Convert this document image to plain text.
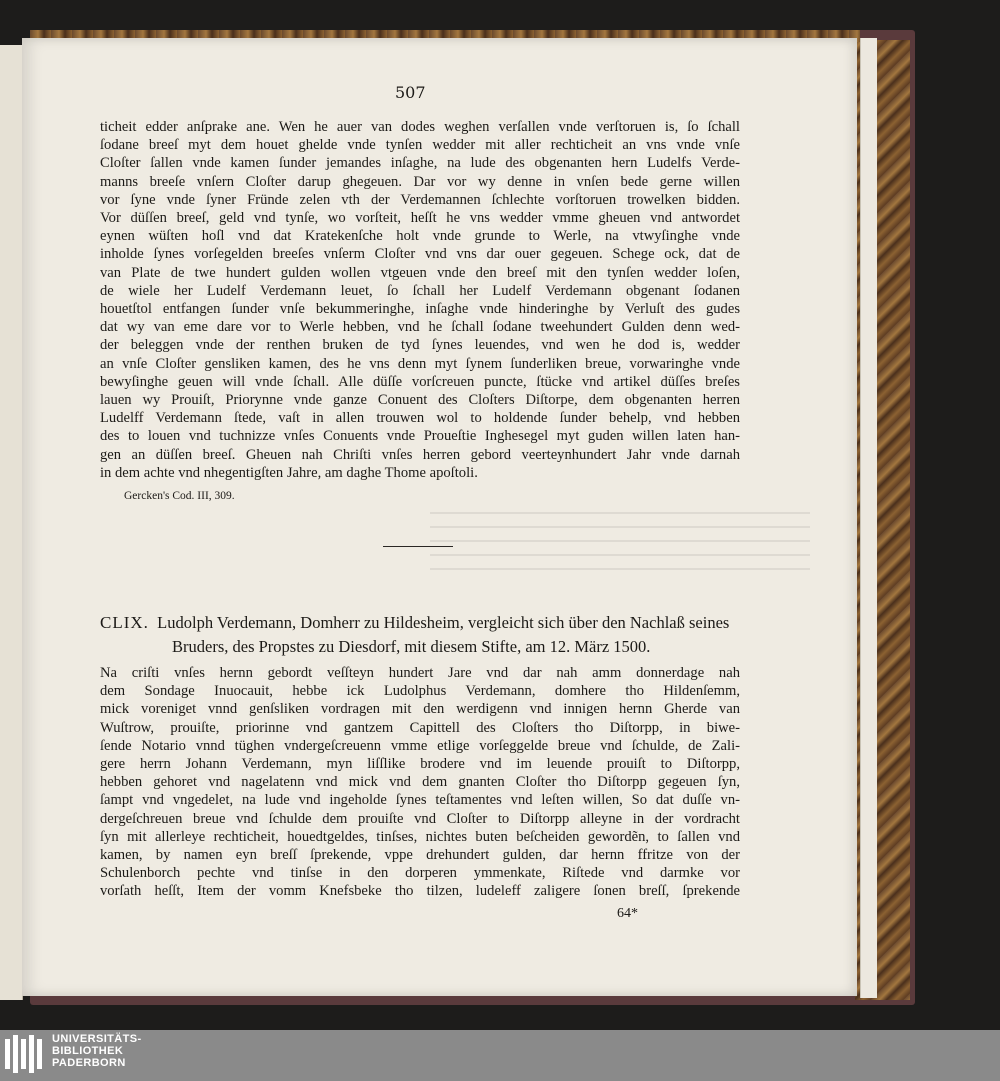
507
ticheit edder anſprake ane. Wen he auer van dodes weghen verſallen vnde verſtoruen is, ſo ſchall
ſodane breeſ myt dem houet ghelde vnde tynſen wedder mit aller rechticheit an vns vnde vnſe
Cloſter ſallen vnde kamen ſunder jemandes inſaghe, na lude des obgenanten hern Ludelfs Verde-
manns breeſe vnſern Cloſter darup ghegeuen. Dar vor wy denne in vnſen bede gerne willen
vor ſyne vnde ſyner Fründe zelen vth der Verdemannen ſchlechte vorſtoruen trowelken bidden.
Vor düſſen breeſ, geld vnd tynſe, wo vorſteit, heſſt he vns wedder vmme gheuen vnd antwordet
eynen wüſten hoſl vnd dat Kratekenſche holt vnde grunde to Werle, na vtwyſinghe vnde
inholde ſynes vorſegelden breeſes vnſerm Cloſter vnd vns dar ouer gegeuen. Schege ock, dat de
van Plate de twe hundert gulden wollen vtgeuen vnde den breeſ mit den tynſen wedder loſen,
de wiele her Ludelf Verdemann leuet, ſo ſchall her Ludelf Verdemann obgenant ſodanen
houetſtol entfangen ſunder vnſe bekummeringhe, inſaghe vnde hinderinghe by Verluſt des gudes
dat wy van eme dare vor to Werle hebben, vnd he ſchall ſodane tweehundert Gulden denn wed-
der beleggen vnde der renthen bruken de tyd ſynes leuendes, vnd wen he dod is, wedder
an vnſe Cloſter gensliken kamen, des he vns denn myt ſynem ſunderliken breue, vorwaringhe vnde
bewyſinghe geuen will vnde ſchall. Alle düſſe vorſcreuen puncte, ſtücke vnd artikel düſſes breſes
lauen wy Prouiſt, Priorynne vnde ganze Conuent des Cloſters Diſtorpe, dem obgenanten herren
Ludelff Verdemann ſtede, vaſt in allen trouwen wol to holdende ſunder behelp, vnd hebben
des to louen vnd tuchnizze vnſes Conuents vnde Proueſtie Inghesegel myt guden willen laten han-
gen an düſſen breeſ. Gheuen nah Chriſti vnſes herren gebord veerteynhundert Jahr vnde darnah
in dem achte vnd nhegentigſten Jahre, am daghe Thome apoſtoli.
Gercken's Cod. III, 309.
CLIX. Ludolph Verdemann, Domherr zu Hildesheim, vergleicht sich über den Nachlaß seines
Bruders, des Propstes zu Diesdorf, mit diesem Stifte, am 12. März 1500.
Na criſti vnſes hernn gebordt veſſteyn hundert Jare vnd dar nah amm donnerdage nah
dem Sondage Inuocauit, hebbe ick Ludolphus Verdemann, domhere tho Hildenſemm,
mick voreniget vnnd genſsliken vordragen mit den werdigenn vnd innigen hernn Gherde van
Wuſtrow, prouiſte, priorinne vnd gantzem Capittell des Cloſters tho Diſtorpp, in biwe-
ſende Notario vnnd tüghen vndergeſcreuenn vmme etlige vorſeggelde breue vnd ſchulde, de Zali-
gere herrn Johann Verdemann, myn liſſlike brodere vnd im leuende prouiſt to Diſtorpp,
hebben gehoret vnd nagelatenn vnd mick vnd dem gnanten Cloſter tho Diſtorpp gegeuen ſyn,
ſampt vnd vngedelet, na lude vnd ingeholde ſynes teſtamentes vnd leſten willen, So dat duſſe vn-
dergeſchreuen breue vnd ſchulde dem prouiſte vnd Cloſter to Diſtorpp alleyne in der vordracht
ſyn mit allerleye rechticheit, houedtgeldes, tinſses, nichtes buten beſcheiden gewordẽn, to ſallen vnd
kamen, by namen eyn breſſ ſprekende, vppe drehundert gulden, dar hernn ffritze von der
Schulenborch pechte vnd tinſse in den dorperen ymmenkate, Riſtede vnd darmke vor
vorſath heſſt, Item der vomm Knefsbeke tho tilzen, ludeleff zaligere ſonen breſſ, ſprekende
64*
UNIVERSITÄTS-
BIBLIOTHEK
PADERBORN
